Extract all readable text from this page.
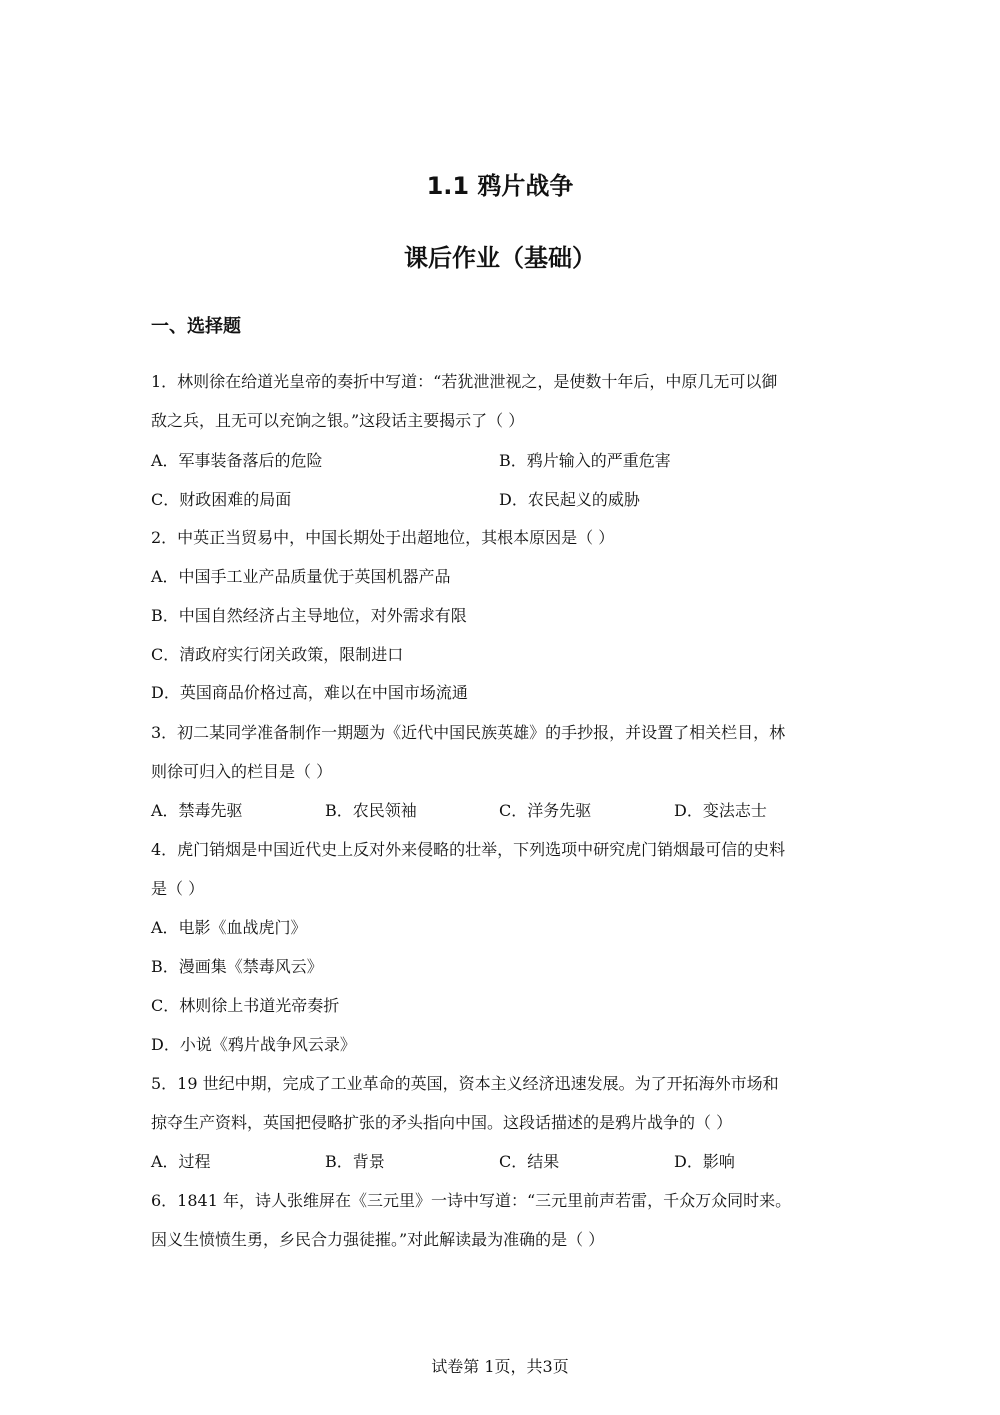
1.1 鸦片战争
课后作业（基础）
一、选择题
1．林则徐在给道光皇帝的奏折中写道：“若犹泄泄视之，是使数十年后，中原几无可以御
敌之兵，且无可以充饷之银。”这段话主要揭示了（ ）
A．军事装备落后的危险	B．鸦片输入的严重危害
C．财政困难的局面	D．农民起义的威胁
2．中英正当贸易中，中国长期处于出超地位，其根本原因是（ ）
A．中国手工业产品质量优于英国机器产品
B．中国自然经济占主导地位，对外需求有限
C．清政府实行闭关政策，限制进口
D．英国商品价格过高，难以在中国市场流通
3．初二某同学准备制作一期题为《近代中国民族英雄》的手抄报，并设置了相关栏目，林
则徐可归入的栏目是（ ）
A．禁毒先驱	B．农民领袖	C．洋务先驱	D．变法志士
4．虎门销烟是中国近代史上反对外来侵略的壮举，下列选项中研究虎门销烟最可信的史料
是（ ）
A．电影《血战虎门》
B．漫画集《禁毒风云》
C．林则徐上书道光帝奏折
D．小说《鸦片战争风云录》
5．19 世纪中期，完成了工业革命的英国，资本主义经济迅速发展。为了开拓海外市场和
掠夺生产资料，英国把侵略扩张的矛头指向中国。这段话描述的是鸦片战争的（ ）
A．过程	B．背景	C．结果	D．影响
6．1841 年，诗人张维屏在《三元里》一诗中写道：“三元里前声若雷，千众万众同时来。
因义生愤愤生勇，乡民合力强徒摧。”对此解读最为准确的是（ ）
试卷第 1页，共3页
